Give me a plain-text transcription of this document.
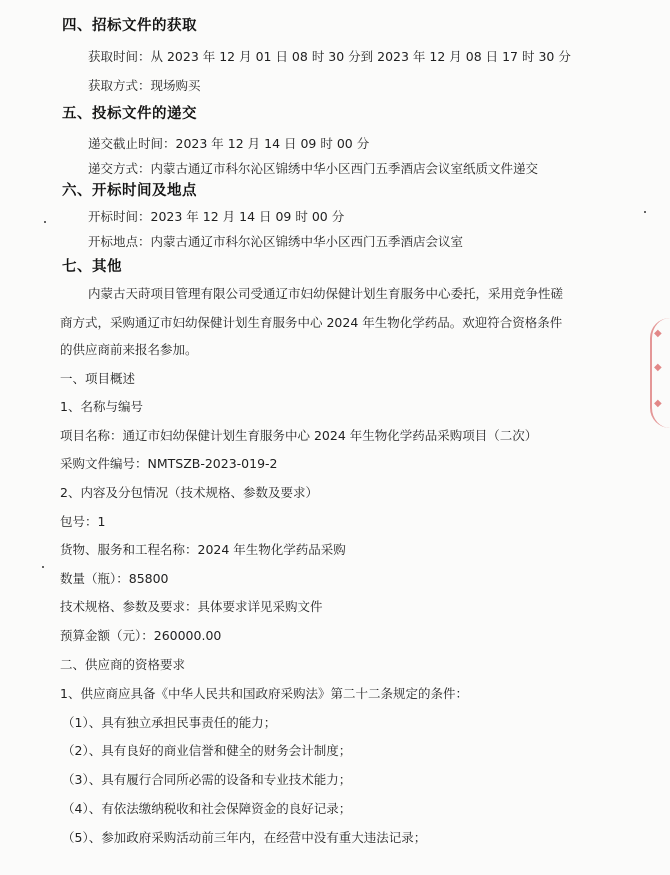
四、招标文件的获取
获取时间：从 2023 年 12 月 01 日 08 时 30 分到 2023 年 12 月 08 日 17 时 30 分
获取方式：现场购买
五、投标文件的递交
递交截止时间：2023 年 12 月 14 日 09 时 00 分
递交方式：内蒙古通辽市科尔沁区锦绣中华小区西门五季酒店会议室纸质文件递交
六、开标时间及地点
开标时间：2023 年 12 月 14 日 09 时 00 分
开标地点：内蒙古通辽市科尔沁区锦绣中华小区西门五季酒店会议室
七、其他
内蒙古天莳项目管理有限公司受通辽市妇幼保健计划生育服务中心委托，采用竞争性磋
商方式，采购通辽市妇幼保健计划生育服务中心 2024 年生物化学药品。欢迎符合资格条件
的供应商前来报名参加。
一、项目概述
1、名称与编号
项目名称：通辽市妇幼保健计划生育服务中心 2024 年生物化学药品采购项目（二次）
采购文件编号：NMTSZB-2023-019-2
2、内容及分包情况（技术规格、参数及要求）
包号：1
货物、服务和工程名称：2024 年生物化学药品采购
数量（瓶）：85800
技术规格、参数及要求：具体要求详见采购文件
预算金额（元）：260000.00
二、供应商的资格要求
1、供应商应具备《中华人民共和国政府采购法》第二十二条规定的条件：
（1）、具有独立承担民事责任的能力；
（2）、具有良好的商业信誉和健全的财务会计制度；
（3）、具有履行合同所必需的设备和专业技术能力；
（4）、有依法缴纳税收和社会保障资金的良好记录；
（5）、参加政府采购活动前三年内，在经营中没有重大违法记录；
◆
◆
◆
